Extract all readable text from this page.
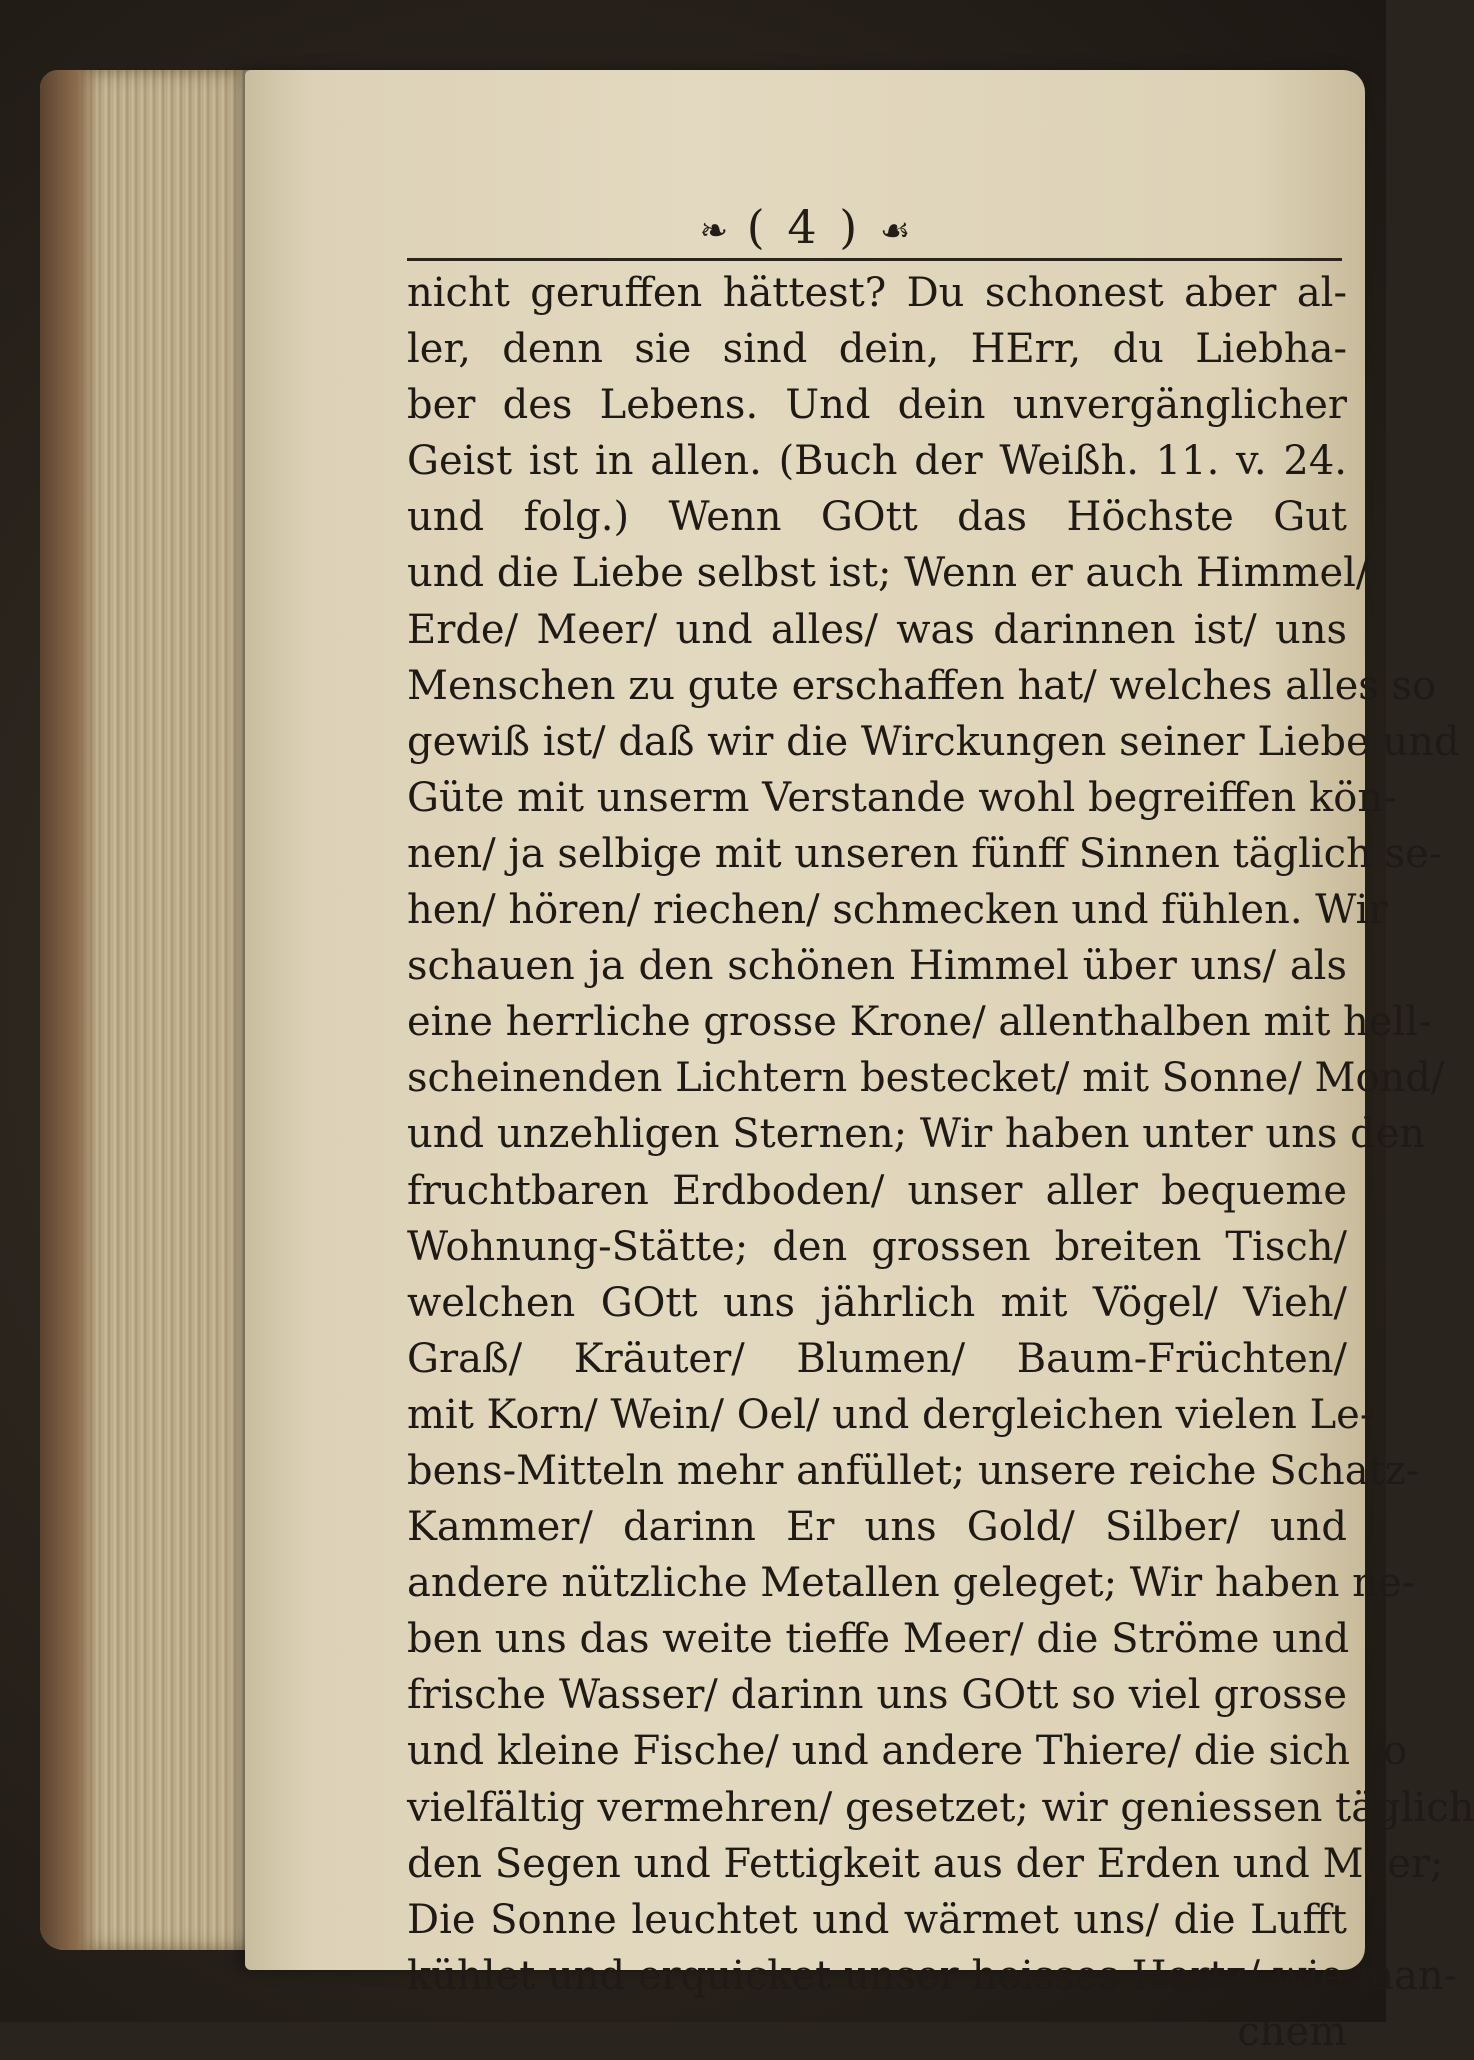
❧ ( 4 ) ☙
nicht geruffen hättest? Du schonest aber al-
ler, denn sie sind dein, HErr, du Liebha-
ber des Lebens. Und dein unvergänglicher
Geist ist in allen. (Buch der Weißh. 11. v. 24.
und folg.) Wenn GOtt das Höchste Gut
und die Liebe selbst ist; Wenn er auch Himmel/
Erde/ Meer/ und alles/ was darinnen ist/ uns
Menschen zu gute erschaffen hat/ welches alles so
gewiß ist/ daß wir die Wirckungen seiner Liebe und
Güte mit unserm Verstande wohl begreiffen kön-
nen/ ja selbige mit unseren fünff Sinnen täglich se-
hen/ hören/ riechen/ schmecken und fühlen. Wir
schauen ja den schönen Himmel über uns/ als
eine herrliche grosse Krone/ allenthalben mit hell-
scheinenden Lichtern bestecket/ mit Sonne/ Mond/
und unzehligen Sternen; Wir haben unter uns den
fruchtbaren Erdboden/ unser aller bequeme
Wohnung-Stätte; den grossen breiten Tisch/
welchen GOtt uns jährlich mit Vögel/ Vieh/
Graß/ Kräuter/ Blumen/ Baum-Früchten/
mit Korn/ Wein/ Oel/ und dergleichen vielen Le-
bens-Mitteln mehr anfüllet; unsere reiche Schatz-
Kammer/ darinn Er uns Gold/ Silber/ und
andere nützliche Metallen geleget; Wir haben ne-
ben uns das weite tieffe Meer/ die Ströme und
frische Wasser/ darinn uns GOtt so viel grosse
und kleine Fische/ und andere Thiere/ die sich so
vielfältig vermehren/ gesetzet; wir geniessen täglich
den Segen und Fettigkeit aus der Erden und Meer;
Die Sonne leuchtet und wärmet uns/ die Lufft
kühlet und erquicket unser heisses Hertz/ wie man-
chem
